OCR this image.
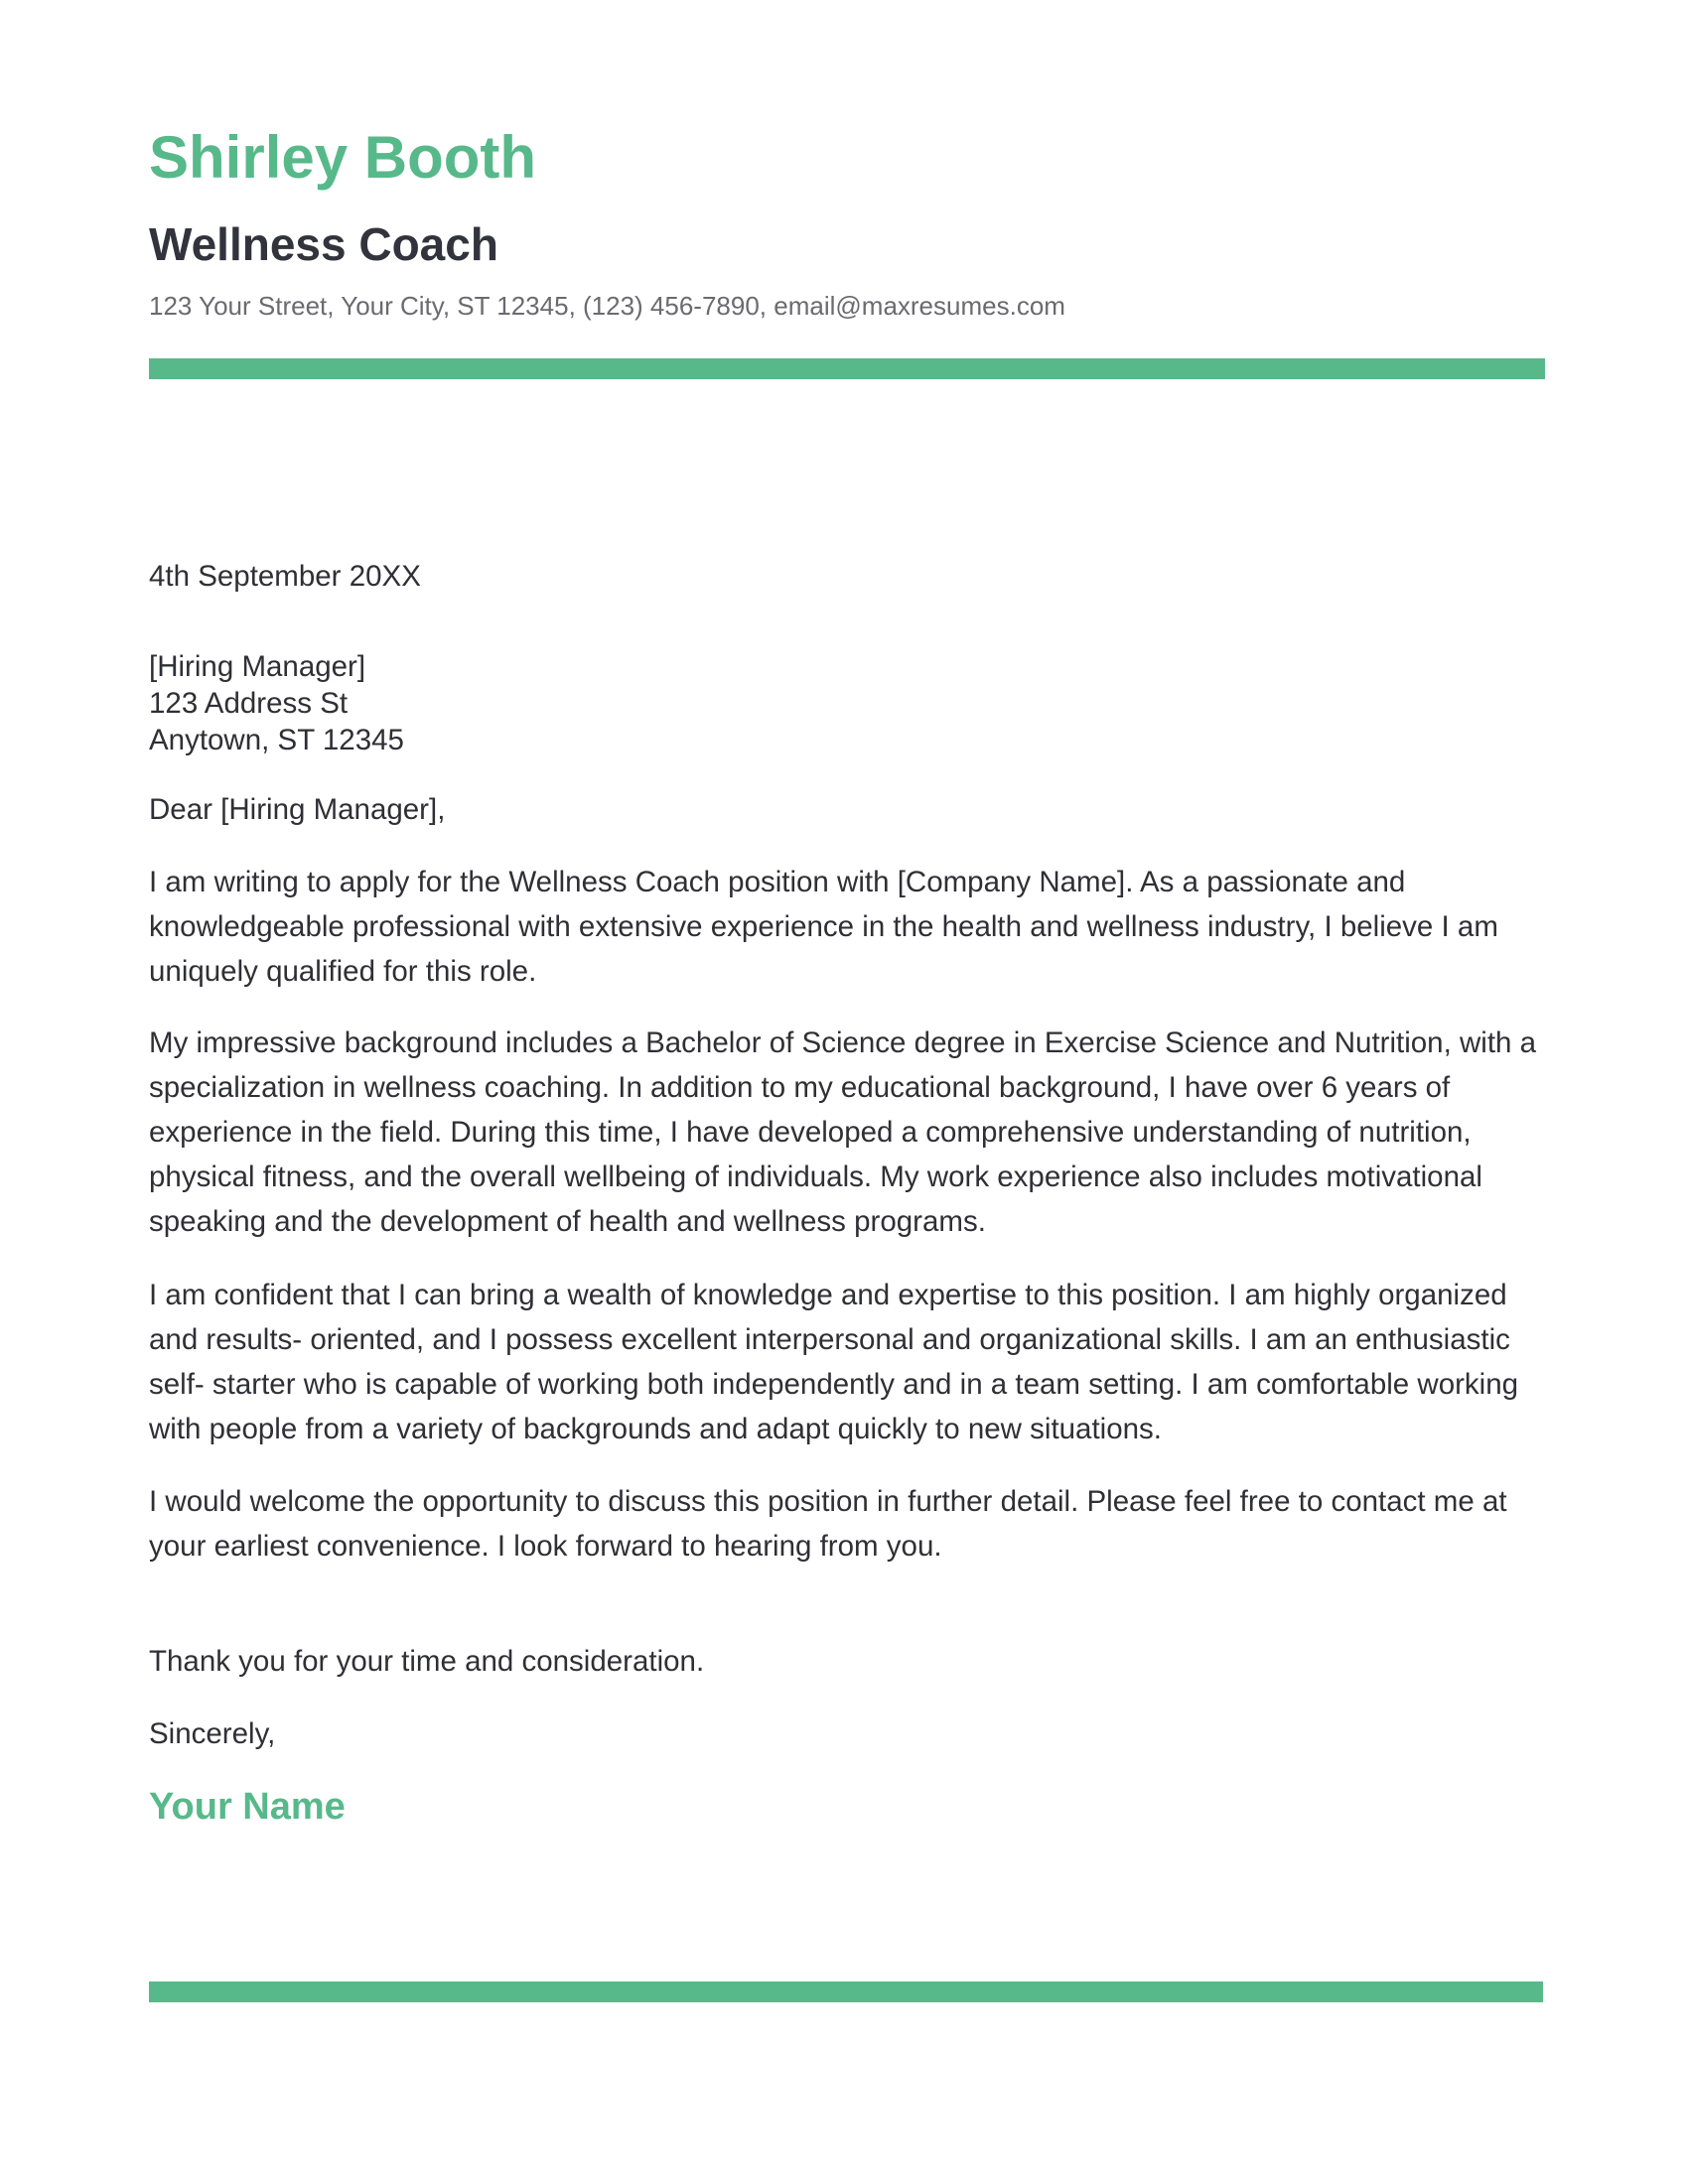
Shirley Booth
Wellness Coach
123 Your Street, Your City, ST 12345, (123) 456-7890, email@maxresumes.com
4th September 20XX
[Hiring Manager]
123 Address St
Anytown, ST 12345
Dear [Hiring Manager],

I am writing to apply for the Wellness Coach position with [Company Name]. As a passionate and knowledgeable professional with extensive experience in the health and wellness industry, I believe I am uniquely qualified for this role.

My impressive background includes a Bachelor of Science degree in Exercise Science and Nutrition, with a specialization in wellness coaching. In addition to my educational background, I have over 6 years of experience in the field. During this time, I have developed a comprehensive understanding of nutrition, physical fitness, and the overall wellbeing of individuals. My work experience also includes motivational speaking and the development of health and wellness programs.

I am confident that I can bring a wealth of knowledge and expertise to this position. I am highly organized and results- oriented, and I possess excellent interpersonal and organizational skills. I am an enthusiastic self- starter who is capable of working both independently and in a team setting. I am comfortable working with people from a variety of backgrounds and adapt quickly to new situations.

I would welcome the opportunity to discuss this position in further detail. Please feel free to contact me at your earliest convenience. I look forward to hearing from you.

Thank you for your time and consideration.
Sincerely,
Your Name
